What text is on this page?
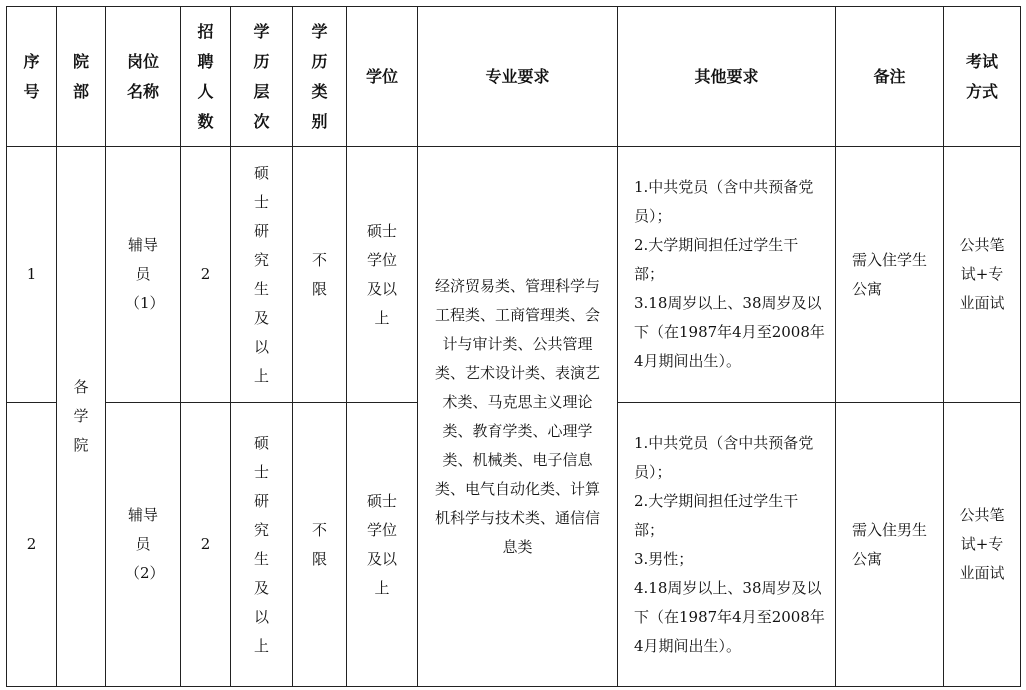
序号	院部	岗位名称	招聘人数	学历层次	学历类别	学位	专业要求	其他要求	备注	考试方式
1	各学院	辅导员（1）	2	硕士研究生及以上	不限	硕士学位及以上	经济贸易类、管理科学与工程类、工商管理类、会计与审计类、公共管理类、艺术设计类、表演艺术类、马克思主义理论类、教育学类、心理学类、机械类、电子信息类、电气自动化类、计算机科学与技术类、通信信息类	1.中共党员（含中共预备党员）；
2.大学期间担任过学生干部；
3.18周岁以上、38周岁及以下（在1987年4月至2008年4月期间出生）。	需入住学生公寓	公共笔试+专业面试
2		辅导员（2）	2	硕士研究生及以上	不限	硕士学位及以上		1.中共党员（含中共预备党员）；
2.大学期间担任过学生干部；
3.男性；
4.18周岁以上、38周岁及以下（在1987年4月至2008年4月期间出生）。	需入住男生公寓	公共笔试+专业面试
